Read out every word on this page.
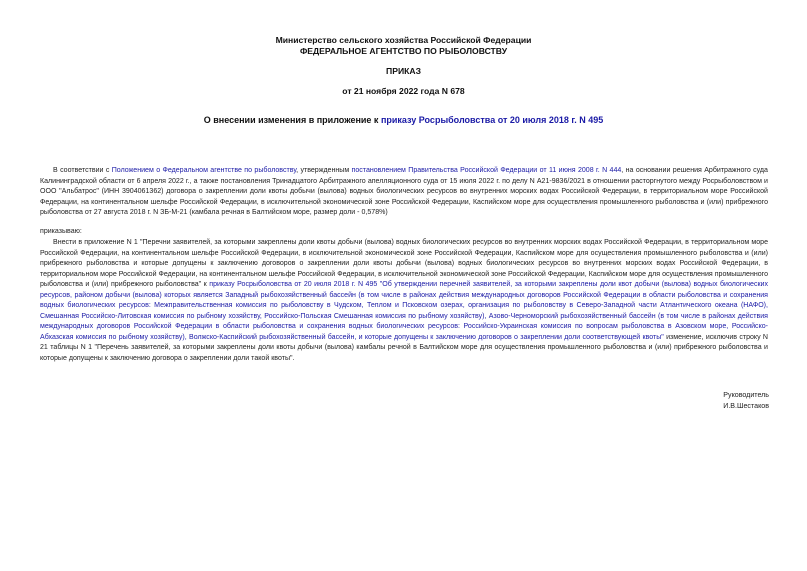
Министерство сельского хозяйства Российской Федерации
ФЕДЕРАЛЬНОЕ АГЕНТСТВО ПО РЫБОЛОВСТВУ
ПРИКАЗ
от 21 ноября 2022 года N 678
О внесении изменения в приложение к приказу Росрыболовства от 20 июля 2018 г. N 495
В соответствии с Положением о Федеральном агентстве по рыболовству, утвержденным постановлением Правительства Российской Федерации от 11 июня 2008 г. N 444, на основании решения Арбитражного суда Калининградской области от 6 апреля 2022 г., а также постановления Тринадцатого Арбитражного апелляционного суда от 15 июля 2022 г. по делу N А21-9836/2021 в отношении расторгнутого между Росрыболовством и ООО "Альбатрос" (ИНН 3904061362) договора о закреплении доли квоты добычи (вылова) водных биологических ресурсов во внутренних морских водах Российской Федерации, в территориальном море Российской Федерации, на континентальном шельфе Российской Федерации, в исключительной экономической зоне Российской Федерации, Каспийском море для осуществления промышленного рыболовства и (или) прибрежного рыболовства от 27 августа 2018 г. N ЗБ-М-21 (камбала речная в Балтийском море, размер доли - 0,578%)
приказываю:
Внести в приложение N 1 "Перечни заявителей, за которыми закреплены доли квоты добычи (вылова) водных биологических ресурсов во внутренних морских водах Российской Федерации, в территориальном море Российской Федерации, на континентальном шельфе Российской Федерации, в исключительной экономической зоне Российской Федерации, Каспийском море для осуществления промышленного рыболовства и (или) прибрежного рыболовства и которые допущены к заключению договоров о закреплении доли квоты добычи (вылова) водных биологических ресурсов во внутренних морских водах Российской Федерации, в территориальном море Российской Федерации, на континентальном шельфе Российской Федерации, в исключительной экономической зоне Российской Федерации, Каспийском море для осуществления промышленного рыболовства и (или) прибрежного рыболовства" к приказу Росрыболовства от 20 июля 2018 г. N 495 "Об утверждении перечней заявителей, за которыми закреплены доли квот добычи (вылова) водных биологических ресурсов, районом добычи (вылова) которых является Западный рыбохозяйственный бассейн (в том числе в районах действия международных договоров Российской Федерации в области рыболовства и сохранения водных биологических ресурсов: Межправительственная комиссия по рыболовству в Чудском, Теплом и Псковском озерах, организация по рыболовству в Северо-Западной части Атлантического океана (НАФО), Смешанная Российско-Литовская комиссия по рыбному хозяйству, Российско-Польская Смешанная комиссия по рыбному хозяйству), Азово-Черноморский рыбохозяйственный бассейн (в том числе в районах действия международных договоров Российской Федерации в области рыболовства и сохранения водных биологических ресурсов: Российско-Украинская комиссия по вопросам рыболовства в Азовском море, Российско-Абхазская комиссия по рыбному хозяйству), Волжско-Каспийский рыбохозяйственный бассейн, и которые допущены к заключению договоров о закреплении доли соответствующей квоты" изменение, исключив строку N 21 таблицы N 1 "Перечень заявителей, за которыми закреплены доли квоты добычи (вылова) камбалы речной в Балтийском море для осуществления промышленного рыболовства и (или) прибрежного рыболовства и которые допущены к заключению договора о закреплении доли такой квоты".
Руководитель
И.В.Шестаков
